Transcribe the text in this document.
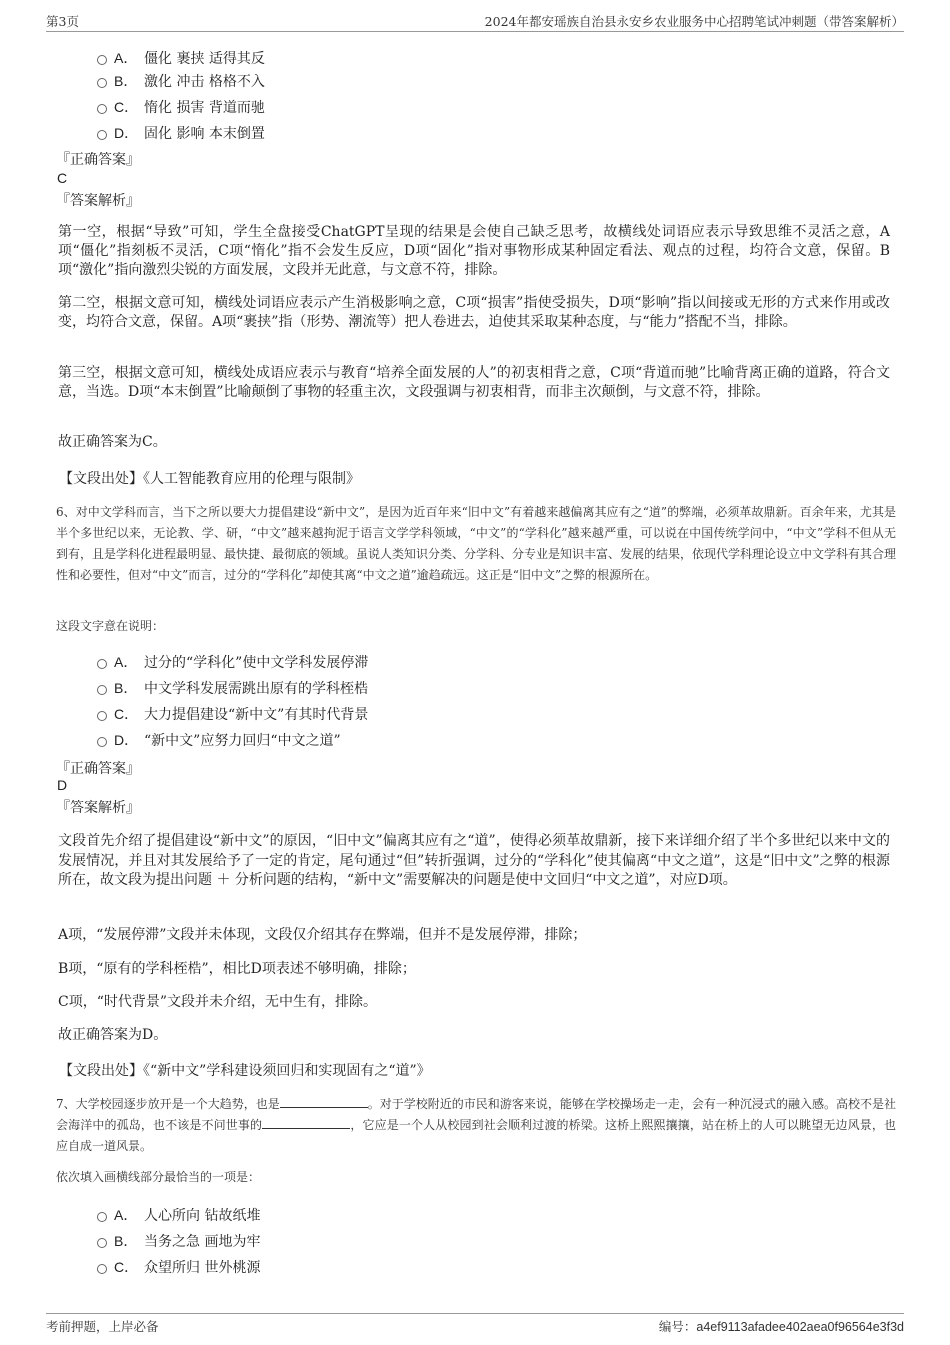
第3页	2024年都安瑶族自治县永安乡农业服务中心招聘笔试冲刺题（带答案解析）
A． 僵化 裹挟 适得其反
B． 激化 冲击 格格不入
C． 惰化 损害 背道而驰
D． 固化 影响 本末倒置
『正确答案』
C
『答案解析』
第一空，根据“导致”可知，学生全盘接受ChatGPT呈现的结果是会使自己缺乏思考，故横线处词语应表示导致思维不灵活之意，A项“僵化”指刻板不灵活，C项“惰化”指不会发生反应，D项“固化”指对事物形成某种固定看法、观点的过程，均符合文意，保留。B项“激化”指向激烈尖锐的方面发展，文段并无此意，与文意不符，排除。
第二空，根据文意可知，横线处词语应表示产生消极影响之意，C项“损害”指使受损失，D项“影响”指以间接或无形的方式来作用或改变，均符合文意，保留。A项“裹挟”指（形势、潮流等）把人卷进去，迫使其采取某种态度，与“能力”搭配不当，排除。
第三空，根据文意可知，横线处成语应表示与教育“培养全面发展的人”的初衷相背之意，C项“背道而驰”比喻背离正确的道路，符合文意，当选。D项“本末倒置”比喻颠倒了事物的轻重主次，文段强调与初衷相背，而非主次颠倒，与文意不符，排除。
故正确答案为C。
【文段出处】《人工智能教育应用的伦理与限制》
6、对中文学科而言，当下之所以要大力提倡建设“新中文”，是因为近百年来“旧中文”有着越来越偏离其应有之“道”的弊端，必须革故鼎新。百余年来，尤其是半个多世纪以来，无论教、学、研，“中文”越来越拘泥于语言文学学科领域，“中文”的“学科化”越来越严重，可以说在中国传统学问中，“中文”学科不但从无到有，且是学科化进程最明显、最快捷、最彻底的领域。虽说人类知识分类、分学科、分专业是知识丰富、发展的结果，依现代学科理论设立中文学科有其合理性和必要性，但对“中文”而言，过分的“学科化”却使其离“中文之道”逾趋疏远。这正是“旧中文”之弊的根源所在。
这段文字意在说明：
A． 过分的“学科化”使中文学科发展停滞
B． 中文学科发展需跳出原有的学科桎梏
C． 大力提倡建设“新中文”有其时代背景
D． “新中文”应努力回归“中文之道”
『正确答案』
D
『答案解析』
文段首先介绍了提倡建设“新中文”的原因，“旧中文”偏离其应有之“道”，使得必须革故鼎新，接下来详细介绍了半个多世纪以来中文的发展情况，并且对其发展给予了一定的肯定，尾句通过“但”转折强调，过分的“学科化”使其偏离“中文之道”，这是“旧中文”之弊的根源所在，故文段为提出问题 ＋ 分析问题的结构，“新中文”需要解决的问题是使中文回归“中文之道”，对应D项。
A项，“发展停滞”文段并未体现，文段仅介绍其存在弊端，但并不是发展停滞，排除；
B项，“原有的学科桎梏”，相比D项表述不够明确，排除；
C项，“时代背景”文段并未介绍，无中生有，排除。
故正确答案为D。
【文段出处】《“新中文”学科建设须回归和实现固有之“道”》
7、大学校园逐步放开是一个大趋势，也是	。对于学校附近的市民和游客来说，能够在学校操场走一走，会有一种沉浸式的融入感。高校不是社会海洋中的孤岛，也不该是不问世事的	，它应是一个人从校园到社会顺利过渡的桥梁。这桥上熙熙攘攘，站在桥上的人可以眺望无边风景，也应自成一道风景。
依次填入画横线部分最恰当的一项是：
A． 人心所向 钻故纸堆
B． 当务之急 画地为牢
C． 众望所归 世外桃源
考前押题，上岸必备	编号：a4ef9113afadee402aea0f96564e3f3d
